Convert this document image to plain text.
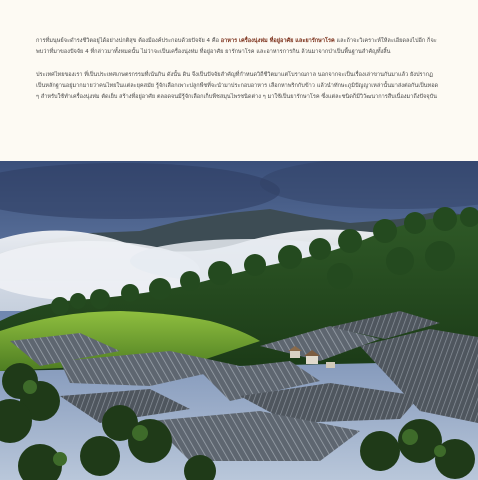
การที่มนุษย์จะดำรงชีวิตอยู่ได้อย่างปกติสุข ต้องมีองค์ประกอบด้วยปัจจัย 4 คือ อาหาร เครื่องนุ่งห่ม ที่อยู่อาศัย และยารักษาโรค และถ้าจะวิเคราะห์ให้ละเอียดลงไปอีก ก็จะพบว่าที่มาของปัจจัย 4 ที่กล่าวมาทั้งหมดนั้น ไม่ว่าจะเป็นเครื่องนุ่งห่ม ที่อยู่อาศัย ยารักษาโรค และอาหารการกิน ล้วนมาจากป่าเป็นพื้นฐานสำคัญทั้งสิ้น

ประเทศไทยของเรา ที่เป็นประเทศเกษตรกรรมที่เน้นกิน ดังนั้น ดิน จึงเป็นปัจจัยสำคัญที่กำหนดวิถีชีวิตมาแต่โบราณกาล นอกจากจะเป็นเรื่องเล่าขานกันมาแล้ว ยังปรากฏเป็นหลักฐานอยู่มากมายว่าคนไทยในแต่ละยุคสมัย รู้จักเลือกเพาะปลูกพืชที่จะนำมาประกอบอาหาร เลือกหาพริกกับข้าว แล้วนำทักษะภูมิปัญญาเหล่านั้นมาส่งต่อกันเป็นทอด ๆ สำหรับใช้ทำเครื่องนุ่งห่ม ตัดเย็บ สร้างที่อยู่อาศัย ตลอดจนมีรู้จักเลือกเก็บพืชสมุนไพรชนิดต่าง ๆ มาใช้เป็นยารักษาโรค ซึ่งแต่ละชนิดก็มีวิวัฒนาการสืบเนื่องมาถึงปัจจุบัน
